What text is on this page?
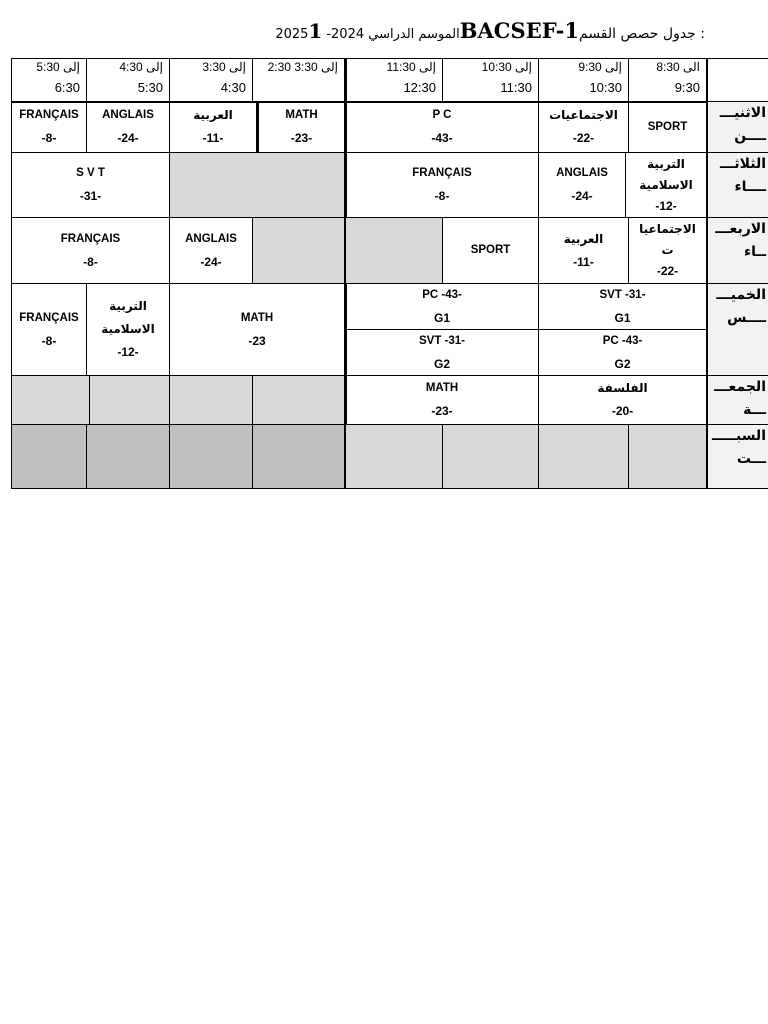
: جدول حصص القسمBACSEF-1الموسم الدراسي 2024-20251
الى 8:30
9:30
إلى 9:30
10:30
إلى 10:30
11:30
إلى 11:30
12:30
إلى 3:30 2:30
إلى 3:30
4:30
إلى 4:30
5:30
إلى 5:30
6:30
الاثنيـــ
ــــن
الثلاثـــ
ــــاء
الاربعـــ
ــاء
الخميـــ
ــــس
الجمعـــ
ـــة
السبـــــ
ـــت
SPORT
الاجتماعيات
-22-
P C
-43-
MATH
-23-
العربية
-11-
ANGLAIS
-24-
FRANÇAIS
-8-
التربية
الاسلامية
-12-
ANGLAIS
-24-
FRANÇAIS
-8-
S V T
-31-
الاجتماعيا
ت
-22-
العربية
-11-
SPORT
ANGLAIS
-24-
FRANÇAIS
-8-
SVT -31-
G1
PC -43-
G2
PC -43-
G1
SVT -31-
G2
MATH
-23
التربية
الاسلامية
-12-
FRANÇAIS
-8-
الفلسفة
-20-
MATH
-23-
